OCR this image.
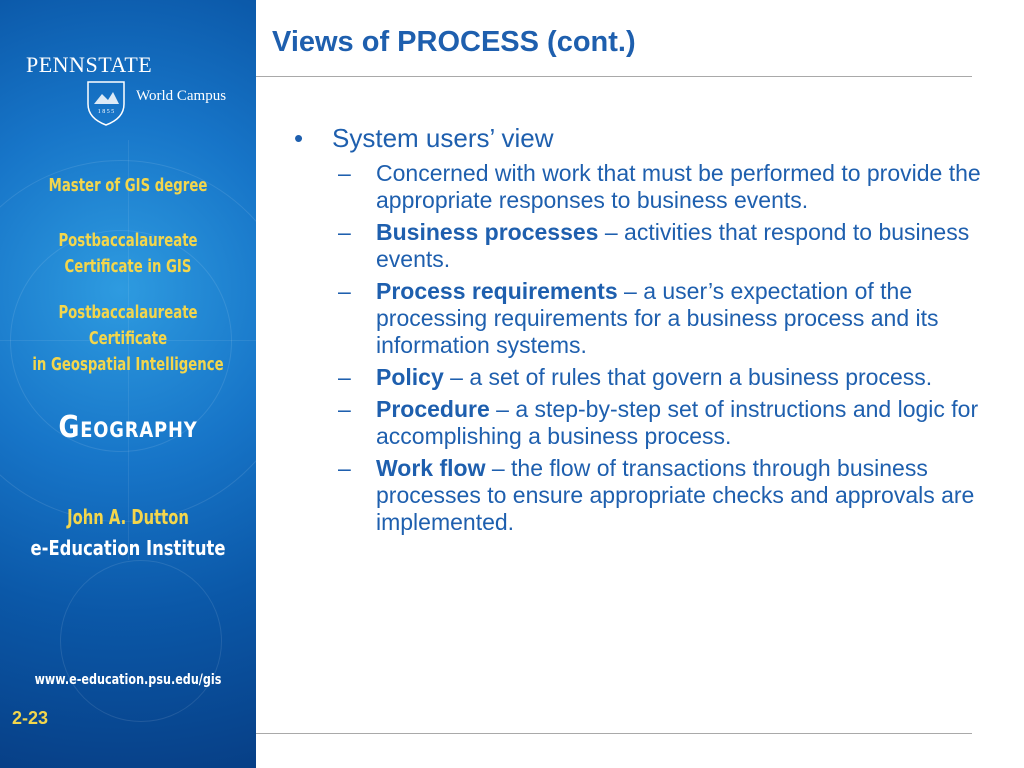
PENNSTATE
1 8 5 5
World Campus
Master of GIS degree
Postbaccalaureate
Certificate in GIS
Postbaccalaureate Certificate
in Geospatial Intelligence
Geography
John A. Dutton
e-Education Institute
www.e-education.psu.edu/gis
2-23
Views of PROCESS (cont.)
•	System users’ view
–	Concerned with work that must be performed to provide the appropriate responses to business events.
–	Business processes – activities that respond to business events.
–	Process requirements – a user’s expectation of the processing requirements for a business process and its information systems.
–	Policy – a set of rules that govern a business process.
–	Procedure – a step-by-step set of instructions and logic for accomplishing a business process.
–	Work flow – the flow of transactions through business processes to ensure appropriate checks and approvals are implemented.
